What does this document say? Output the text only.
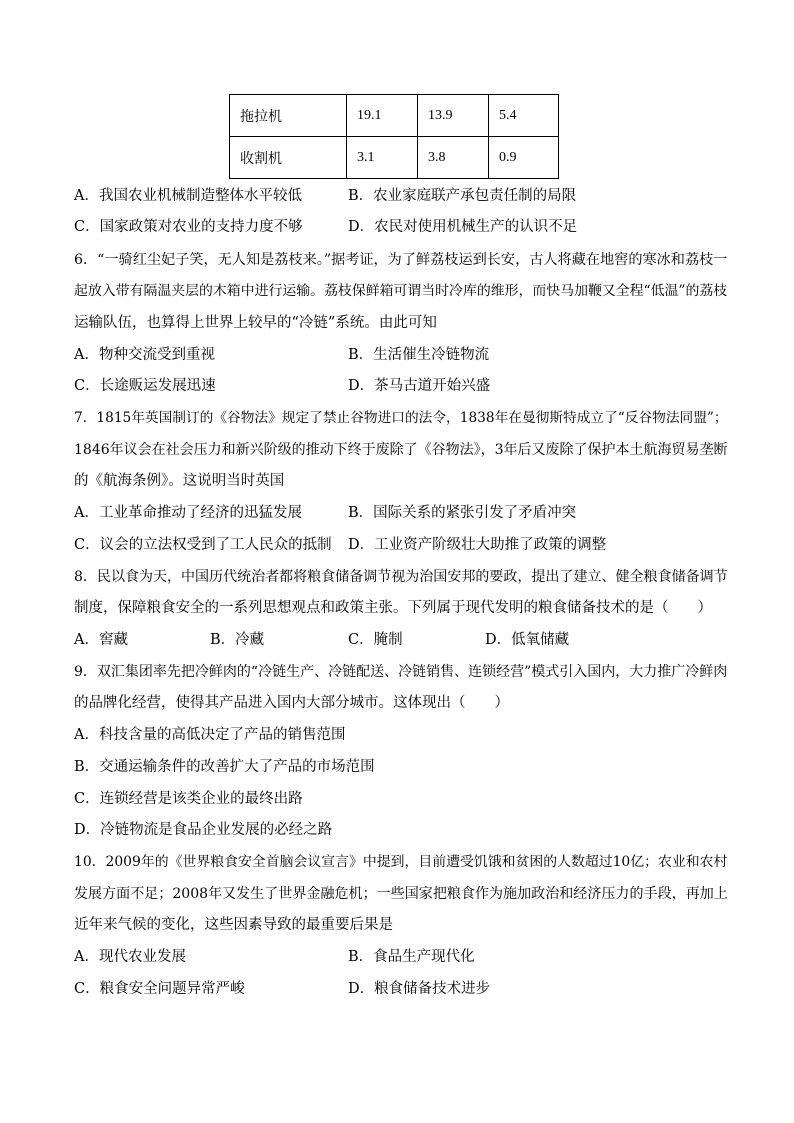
拖拉机	19.1	13.9	5.4
收割机	3.1	3.8	0.9
A．我国农业机械制造整体水平较低	B．农业家庭联产承包责任制的局限
C．国家政策对农业的支持力度不够	D．农民对使用机械生产的认识不足
6．“一骑红尘妃子笑，无人知是荔枝来。”据考证，为了鲜荔枝运到长安，古人将藏在地窖的寒冰和荔枝一
起放入带有隔温夹层的木箱中进行运输。荔枝保鲜箱可谓当时冷库的维形，而快马加鞭又全程“低温”的荔枝
运输队伍，也算得上世界上较早的“冷链”系统。由此可知
A．物种交流受到重视	B．生活催生冷链物流
C．长途贩运发展迅速	D．茶马古道开始兴盛
7．1815年英国制订的《谷物法》规定了禁止谷物进口的法令，1838年在曼彻斯特成立了“反谷物法同盟”；
1846年议会在社会压力和新兴阶级的推动下终于废除了《谷物法》，3年后又废除了保护本土航海贸易垄断
的《航海条例》。这说明当时英国
A．工业革命推动了经济的迅猛发展	B．国际关系的紧张引发了矛盾冲突
C．议会的立法权受到了工人民众的抵制 D．工业资产阶级壮大助推了政策的调整
8．民以食为天，中国历代统治者都将粮食储备调节视为治国安邦的要政，提出了建立、健全粮食储备调节
制度，保障粮食安全的一系列思想观点和政策主张。下列属于现代发明的粮食储备技术的是（　　）
A．窖藏	B．冷藏	C．腌制	D．低氧储藏
9．双汇集团率先把冷鲜肉的“冷链生产、冷链配送、冷链销售、连锁经营”模式引入国内，大力推广冷鲜肉
的品牌化经营，使得其产品进入国内大部分城市。这体现出（　　）
A．科技含量的高低决定了产品的销售范围
B．交通运输条件的改善扩大了产品的市场范围
C．连锁经营是该类企业的最终出路
D．冷链物流是食品企业发展的必经之路
10．2009年的《世界粮食安全首脑会议宣言》中提到，目前遭受饥饿和贫困的人数超过10亿；农业和农村
发展方面不足；2008年又发生了世界金融危机；一些国家把粮食作为施加政治和经济压力的手段，再加上
近年来气候的变化，这些因素导致的最重要后果是
A．现代农业发展	B．食品生产现代化
C．粮食安全问题异常严峻	D．粮食储备技术进步
